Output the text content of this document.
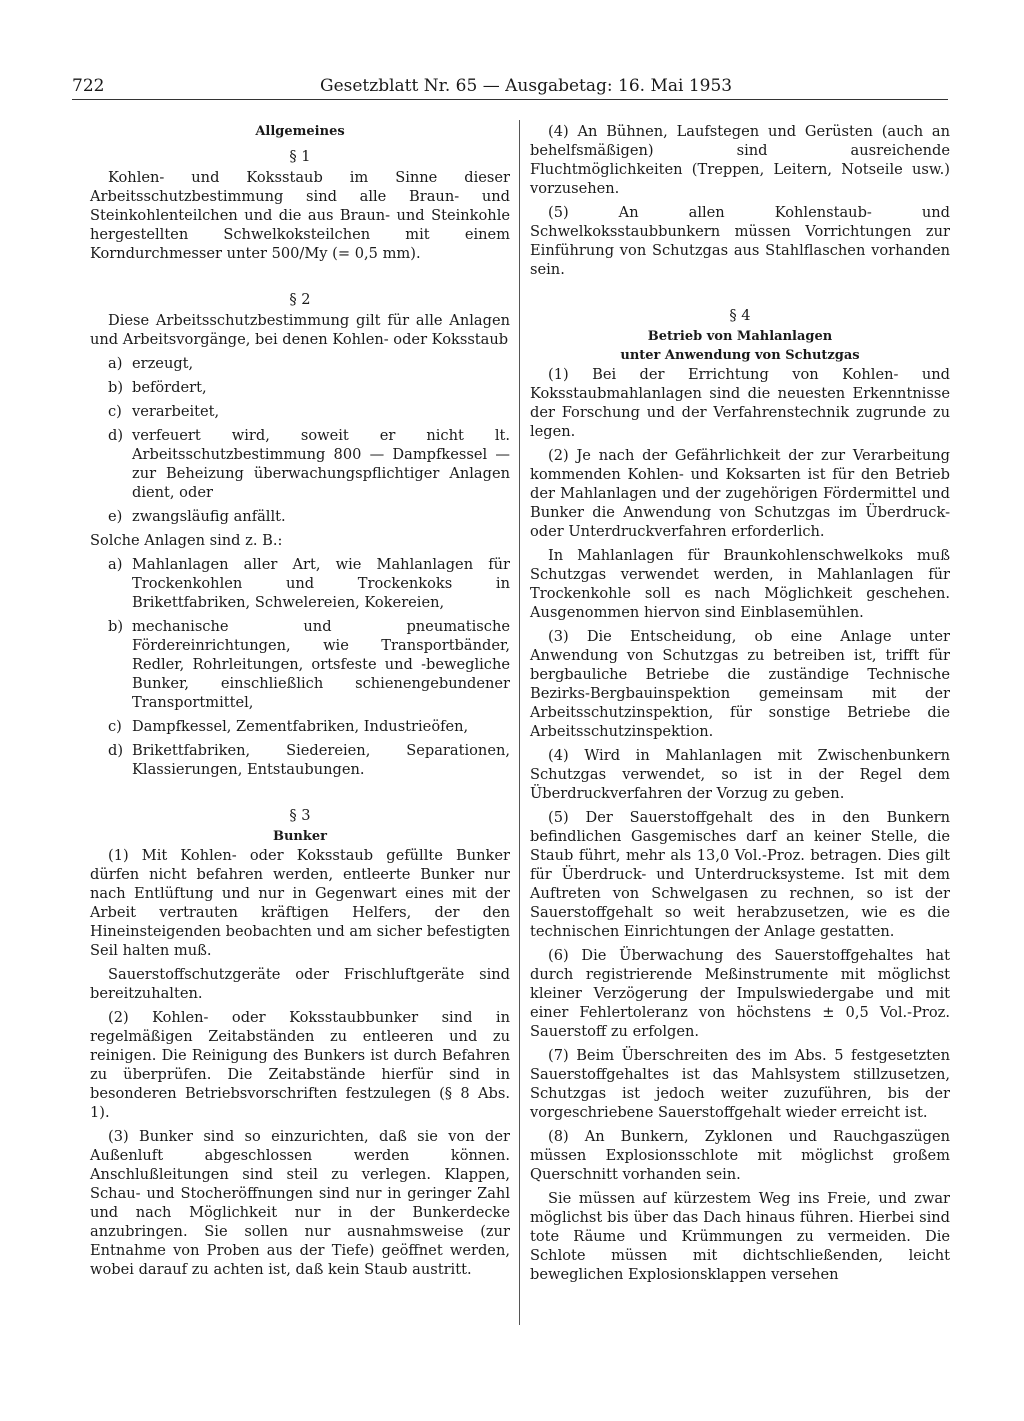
722	Gesetzblatt Nr. 65 — Ausgabetag: 16. Mai 1953

Allgemeines

§ 1

Kohlen- und Koksstaub im Sinne dieser Arbeitsschutzbestimmung sind alle Braun- und Steinkohlenteilchen und die aus Braun- und Steinkohle hergestellten Schwelkoksteilchen mit einem Korndurchmesser unter 500/My (= 0,5 mm).

§ 2

Diese Arbeitsschutzbestimmung gilt für alle Anlagen und Arbeitsvorgänge, bei denen Kohlen- oder Koksstaub

a) erzeugt,
b) befördert,
c) verarbeitet,
d) verfeuert wird, soweit er nicht lt. Arbeitsschutzbestimmung 800 — Dampfkessel — zur Beheizung überwachungspflichtiger Anlagen dient, oder
e) zwangsläufig anfällt.

Solche Anlagen sind z. B.:

a) Mahlanlagen aller Art, wie Mahlanlagen für Trockenkohlen und Trockenkoks in Brikettfabriken, Schwelereien, Kokereien,
b) mechanische und pneumatische Fördereinrichtungen, wie Transportbänder, Redler, Rohrleitungen, ortsfeste und -bewegliche Bunker, einschließlich schienengebundener Transportmittel,
c) Dampfkessel, Zementfabriken, Industrieöfen,
d) Brikettfabriken, Siedereien, Separationen, Klassierungen, Entstaubungen.

§ 3

Bunker

(1) Mit Kohlen- oder Koksstaub gefüllte Bunker dürfen nicht befahren werden, entleerte Bunker nur nach Entlüftung und nur in Gegenwart eines mit der Arbeit vertrauten kräftigen Helfers, der den Hineinsteigenden beobachten und am sicher befestigten Seil halten muß.

Sauerstoffschutzgeräte oder Frischluftgeräte sind bereitzuhalten.

(2) Kohlen- oder Koksstaubbunker sind in regelmäßigen Zeitabständen zu entleeren und zu reinigen. Die Reinigung des Bunkers ist durch Befahren zu überprüfen. Die Zeitabstände hierfür sind in besonderen Betriebsvorschriften festzulegen (§ 8 Abs. 1).

(3) Bunker sind so einzurichten, daß sie von der Außenluft abgeschlossen werden können. Anschlußleitungen sind steil zu verlegen. Klappen, Schau- und Stocheröffnungen sind nur in geringer Zahl und nach Möglichkeit nur in der Bunkerdecke anzubringen. Sie sollen nur ausnahmsweise (zur Entnahme von Proben aus der Tiefe) geöffnet werden, wobei darauf zu achten ist, daß kein Staub austritt.

(4) An Bühnen, Laufstegen und Gerüsten (auch an behelfsmäßigen) sind ausreichende Fluchtmöglichkeiten (Treppen, Leitern, Notseile usw.) vorzusehen.

(5) An allen Kohlenstaub- und Schwelkoksstaubbunkern müssen Vorrichtungen zur Einführung von Schutzgas aus Stahlflaschen vorhanden sein.

§ 4

Betrieb von Mahlanlagen

unter Anwendung von Schutzgas

(1) Bei der Errichtung von Kohlen- und Koksstaubmahlanlagen sind die neuesten Erkenntnisse der Forschung und der Verfahrenstechnik zugrunde zu legen.

(2) Je nach der Gefährlichkeit der zur Verarbeitung kommenden Kohlen- und Koksarten ist für den Betrieb der Mahlanlagen und der zugehörigen Fördermittel und Bunker die Anwendung von Schutzgas im Überdruck- oder Unterdruckverfahren erforderlich.

In Mahlanlagen für Braunkohlenschwelkoks muß Schutzgas verwendet werden, in Mahlanlagen für Trockenkohle soll es nach Möglichkeit geschehen. Ausgenommen hiervon sind Einblasemühlen.

(3) Die Entscheidung, ob eine Anlage unter Anwendung von Schutzgas zu betreiben ist, trifft für bergbauliche Betriebe die zuständige Technische Bezirks-Bergbauinspektion gemeinsam mit der Arbeitsschutzinspektion, für sonstige Betriebe die Arbeitsschutzinspektion.

(4) Wird in Mahlanlagen mit Zwischenbunkern Schutzgas verwendet, so ist in der Regel dem Überdruckverfahren der Vorzug zu geben.

(5) Der Sauerstoffgehalt des in den Bunkern befindlichen Gasgemisches darf an keiner Stelle, die Staub führt, mehr als 13,0 Vol.-Proz. betragen. Dies gilt für Überdruck- und Unterdrucksysteme. Ist mit dem Auftreten von Schwelgasen zu rechnen, so ist der Sauerstoffgehalt so weit herabzusetzen, wie es die technischen Einrichtungen der Anlage gestatten.

(6) Die Überwachung des Sauerstoffgehaltes hat durch registrierende Meßinstrumente mit möglichst kleiner Verzögerung der Impulswiedergabe und mit einer Fehlertoleranz von höchstens ± 0,5 Vol.-Proz. Sauerstoff zu erfolgen.

(7) Beim Überschreiten des im Abs. 5 festgesetzten Sauerstoffgehaltes ist das Mahlsystem stillzusetzen, Schutzgas ist jedoch weiter zuzuführen, bis der vorgeschriebene Sauerstoffgehalt wieder erreicht ist.

(8) An Bunkern, Zyklonen und Rauchgaszügen müssen Explosionsschlote mit möglichst großem Querschnitt vorhanden sein.

Sie müssen auf kürzestem Weg ins Freie, und zwar möglichst bis über das Dach hinaus führen. Hierbei sind tote Räume und Krümmungen zu vermeiden. Die Schlote müssen mit dichtschließenden, leicht beweglichen Explosionsklappen versehen
